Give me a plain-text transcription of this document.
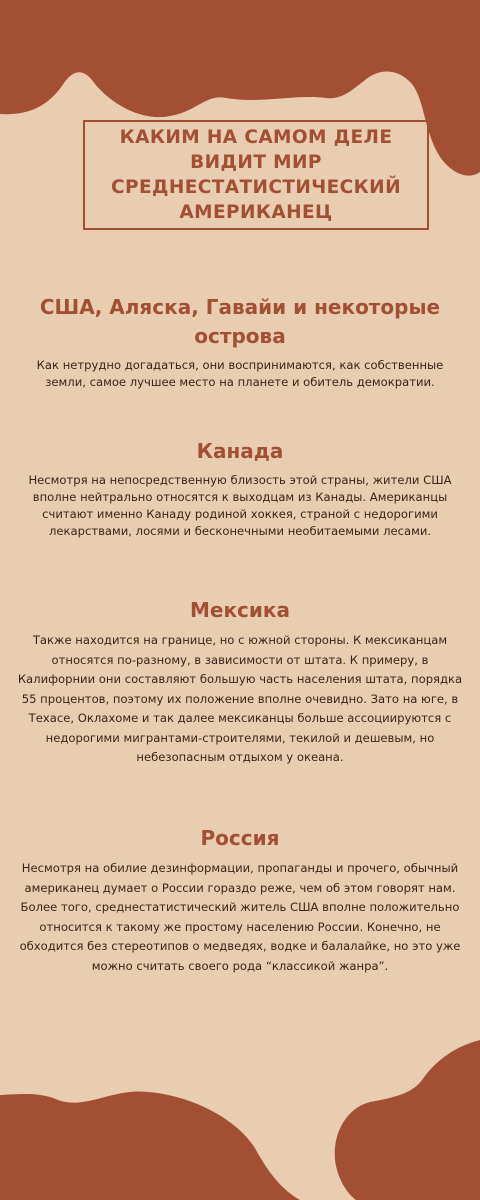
КАКИМ НА САМОМ ДЕЛЕ ВИДИТ МИР СРЕДНЕСТАТИСТИЧЕСКИЙ АМЕРИКАНЕЦ
США, Аляска, Гавайи и некоторые острова

Как нетрудно догадаться, они воспринимаются, как собственные земли, самое лучшее место на планете и обитель демократии.

Канада

Несмотря на непосредственную близость этой страны, жители США вполне нейтрально относятся к выходцам из Канады. Американцы считают именно Канаду родиной хоккея, страной с недорогими лекарствами, лосями и бесконечными необитаемыми лесами.

Мексика

Также находится на границе, но с южной стороны. К мексиканцам относятся по-разному, в зависимости от штата. К примеру, в Калифорнии они составляют большую часть населения штата, порядка 55 процентов, поэтому их положение вполне очевидно. Зато на юге, в Техасе, Оклахоме и так далее мексиканцы больше ассоциируются с недорогими мигрантами-строителями, текилой и дешевым, но небезопасным отдыхом у океана.

Россия

Несмотря на обилие дезинформации, пропаганды и прочего, обычный американец думает о России гораздо реже, чем об этом говорят нам. Более того, среднестатистический житель США вполне положительно относится к такому же простому населению России. Конечно, не обходится без стереотипов о медведях, водке и балалайке, но это уже можно считать своего рода “классикой жанра”.
